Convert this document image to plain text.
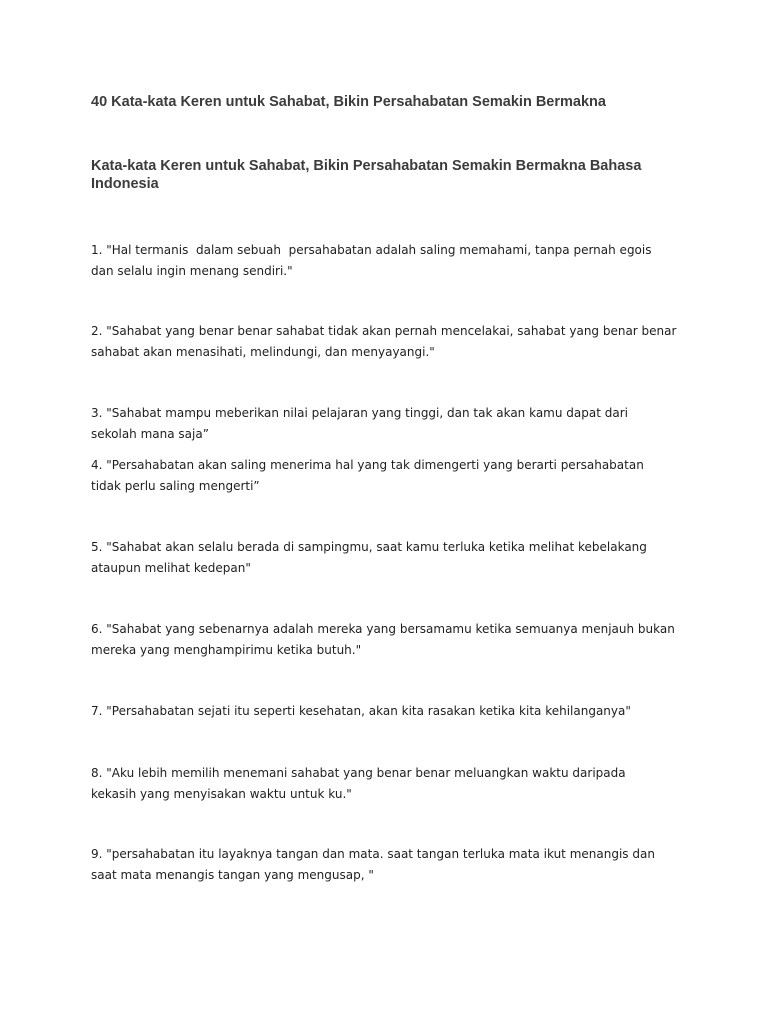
40 Kata-kata Keren untuk Sahabat, Bikin Persahabatan Semakin Bermakna
Kata-kata Keren untuk Sahabat, Bikin Persahabatan Semakin Bermakna Bahasa Indonesia

1. "Hal termanis  dalam sebuah  persahabatan adalah saling memahami, tanpa pernah egois
dan selalu ingin menang sendiri."

2. "Sahabat yang benar benar sahabat tidak akan pernah mencelakai, sahabat yang benar benar
sahabat akan menasihati, melindungi, dan menyayangi."

3. "Sahabat mampu meberikan nilai pelajaran yang tinggi, dan tak akan kamu dapat dari
sekolah mana saja”

4. "Persahabatan akan saling menerima hal yang tak dimengerti yang berarti persahabatan
tidak perlu saling mengerti”

5. "Sahabat akan selalu berada di sampingmu, saat kamu terluka ketika melihat kebelakang
ataupun melihat kedepan"

6. "Sahabat yang sebenarnya adalah mereka yang bersamamu ketika semuanya menjauh bukan
mereka yang menghampirimu ketika butuh."

7. "Persahabatan sejati itu seperti kesehatan, akan kita rasakan ketika kita kehilanganya"

8. "Aku lebih memilih menemani sahabat yang benar benar meluangkan waktu daripada
kekasih yang menyisakan waktu untuk ku."

9. "persahabatan itu layaknya tangan dan mata. saat tangan terluka mata ikut menangis dan
saat mata menangis tangan yang mengusap, "
